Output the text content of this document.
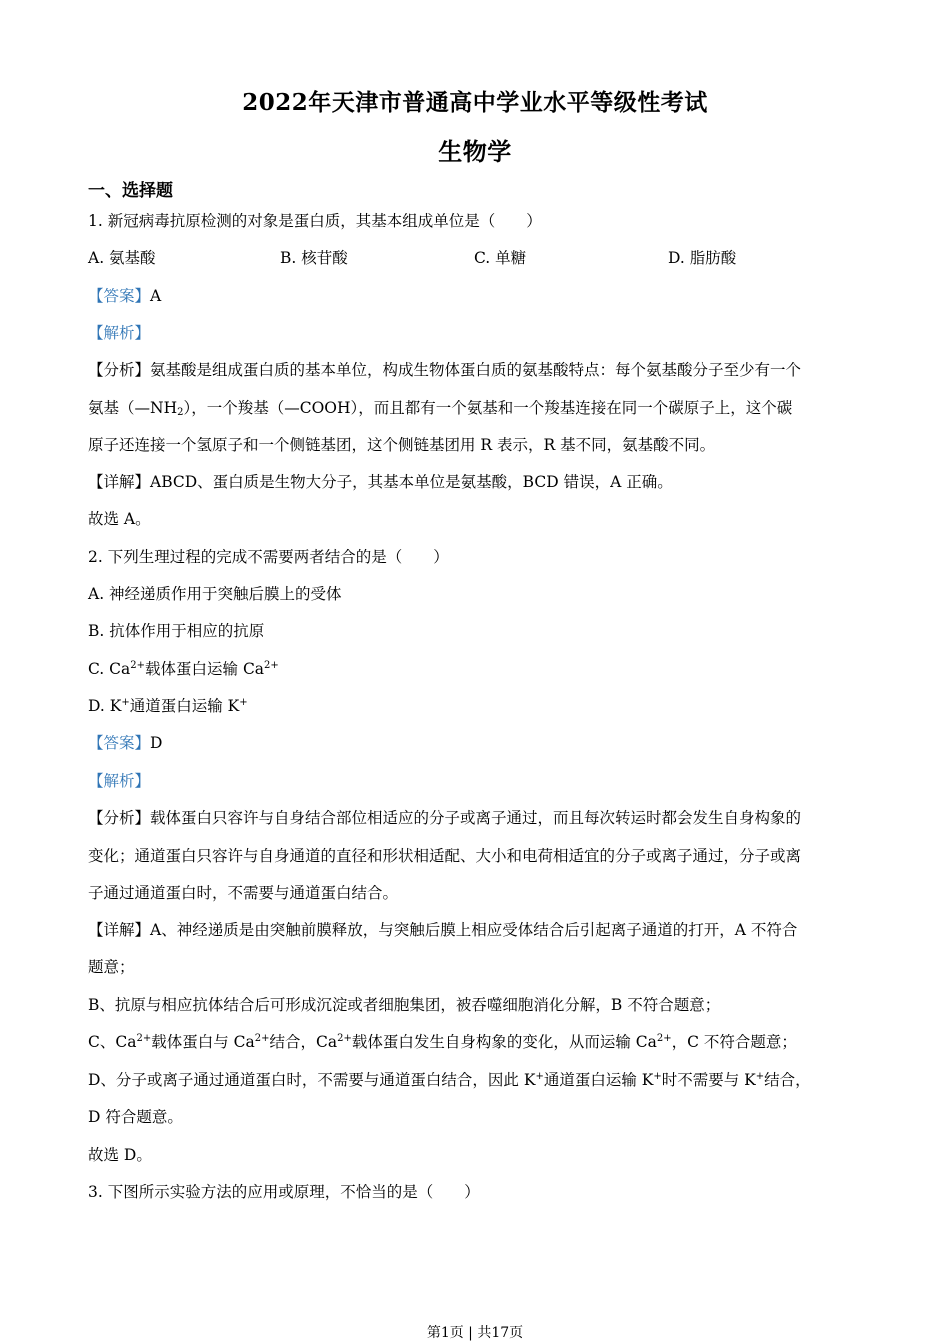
2022年天津市普通高中学业水平等级性考试
生物学
一、选择题
1. 新冠病毒抗原检测的对象是蛋白质，其基本组成单位是（　　）
A. 氨基酸	B. 核苷酸	C. 单糖	D. 脂肪酸
【答案】A
【解析】
【分析】氨基酸是组成蛋白质的基本单位，构成生物体蛋白质的氨基酸特点：每个氨基酸分子至少有一个
氨基$(—NH_2)$，一个羧基（—COOH），而且都有一个氨基和一个羧基连接在同一个碳原子上，这个碳
原子还连接一个氢原子和一个侧链基团，这个侧链基团用 R 表示，R 基不同，氨基酸不同。
【详解】ABCD、蛋白质是生物大分子，其基本单位是氨基酸，BCD 错误，A 正确。
故选 A。
2. 下列生理过程的完成不需要两者结合的是（　　）
A. 神经递质作用于突触后膜上的受体
B. 抗体作用于相应的抗原
C. $Ca^{2+}$载体蛋白运输 $Ca^{2+}$
D. K+通道蛋白运输 K+
【答案】D
【解析】
【分析】载体蛋白只容许与自身结合部位相适应的分子或离子通过，而且每次转运时都会发生自身构象的
变化；通道蛋白只容许与自身通道的直径和形状相适配、大小和电荷相适宜的分子或离子通过，分子或离
子通过通道蛋白时，不需要与通道蛋白结合。
【详解】A、神经递质是由突触前膜释放，与突触后膜上相应受体结合后引起离子通道的打开，A 不符合
题意；
B、抗原与相应抗体结合后可形成沉淀或者细胞集团，被吞噬细胞消化分解，B 不符合题意；
C、$Ca^{2+}$载体蛋白与 $Ca^{2+}$结合，$Ca^{2+}$载体蛋白发生自身构象的变化，从而运输 $Ca^{2+}$，C 不符合题意；
D、分子或离子通过通道蛋白时，不需要与通道蛋白结合，因此 K+通道蛋白运输 K+时不需要与 K+结合，
D 符合题意。
故选 D。
3. 下图所示实验方法的应用或原理，不恰当的是（　　）
第1页 | 共17页
